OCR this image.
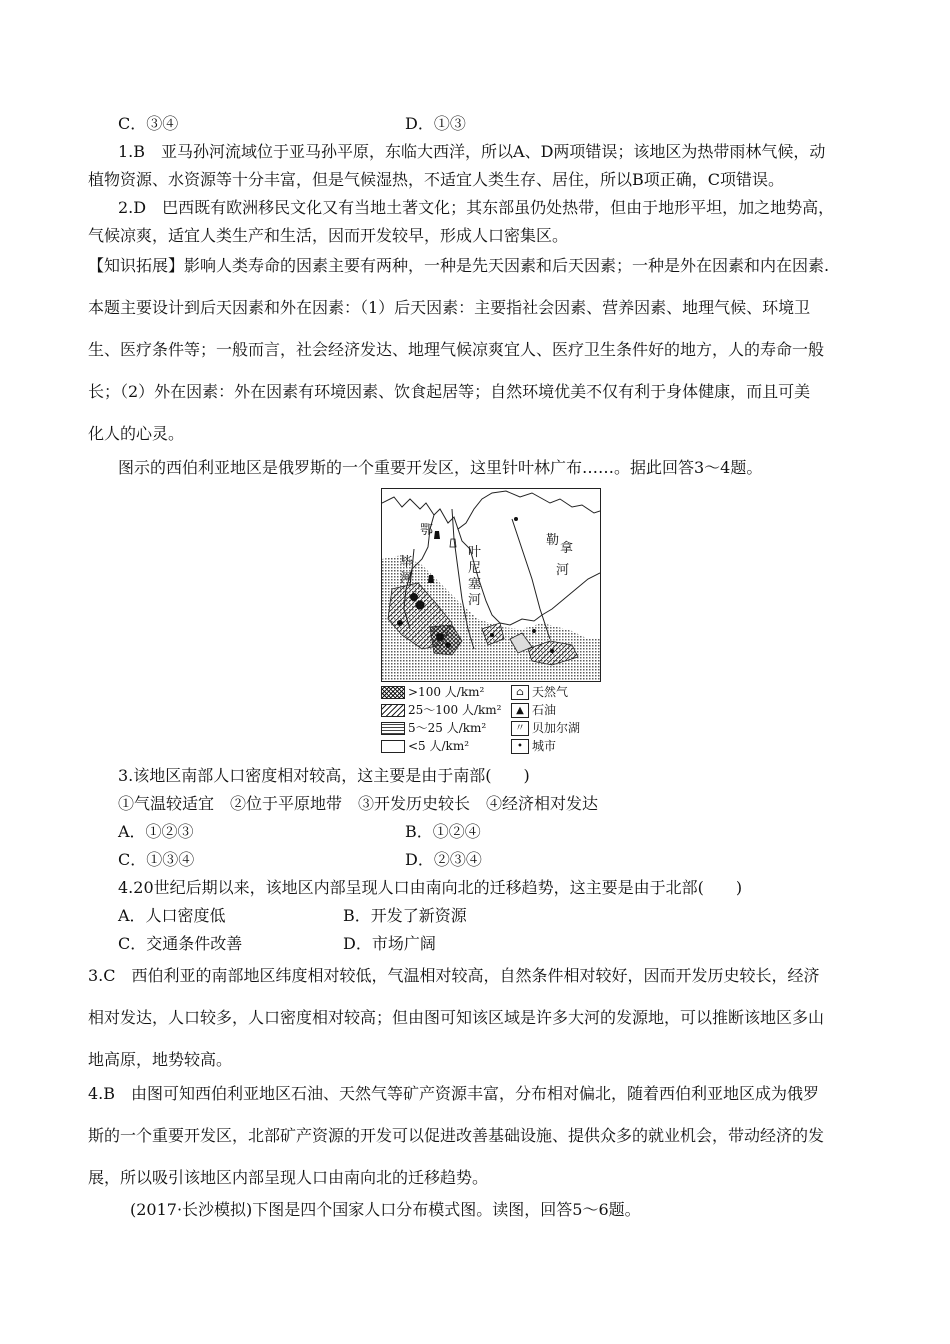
C．③④	D．①③
1.B　亚马孙河流域位于亚马孙平原，东临大西洋，所以A、D两项错误；该地区为热带雨林气候，动
植物资源、水资源等十分丰富，但是气候湿热，不适宜人类生存、居住，所以B项正确，C项错误。
2.D　巴西既有欧洲移民文化又有当地土著文化；其东部虽仍处热带，但由于地形平坦，加之地势高，
气候凉爽，适宜人类生产和生活，因而开发较早，形成人口密集区。
【知识拓展】影响人类寿命的因素主要有两种，一种是先天因素和后天因素；一种是外在因素和内在因素.
本题主要设计到后天因素和外在因素：（1）后天因素：主要指社会因素、营养因素、地理气候、环境卫
生、医疗条件等；一般而言，社会经济发达、地理气候凉爽宜人、医疗卫生条件好的地方，人的寿命一般
长；（2）外在因素：外在因素有环境因素、饮食起居等；自然环境优美不仅有利于身体健康，而且可美
化人的心灵。
图示的西伯利亚地区是俄罗斯的一个重要开发区，这里针叶林广布……。据此回答3～4题。
鄂
毕
河
叶
尼
塞
河
勒
拿
河
>100 人/km²
25～100 人/km²
5～25 人/km²
<5 人/km²
⌂ 天然气
▲ 石油
〃 贝加尔湖
• 城市
3.该地区南部人口密度相对较高，这主要是由于南部(　　)
①气温较适宜　②位于平原地带　③开发历史较长　④经济相对发达
A．①②③	B．①②④
C．①③④	D．②③④
4.20世纪后期以来，该地区内部呈现人口由南向北的迁移趋势，这主要是由于北部(　　)
A．人口密度低	B．开发了新资源
C．交通条件改善	D．市场广阔
3.C　西伯利亚的南部地区纬度相对较低，气温相对较高，自然条件相对较好，因而开发历史较长，经济
相对发达，人口较多，人口密度相对较高；但由图可知该区域是许多大河的发源地，可以推断该地区多山
地高原，地势较高。
4.B　由图可知西伯利亚地区石油、天然气等矿产资源丰富，分布相对偏北，随着西伯利亚地区成为俄罗
斯的一个重要开发区，北部矿产资源的开发可以促进改善基础设施、提供众多的就业机会，带动经济的发
展，所以吸引该地区内部呈现人口由南向北的迁移趋势。
(2017·长沙模拟)下图是四个国家人口分布模式图。读图，回答5～6题。
